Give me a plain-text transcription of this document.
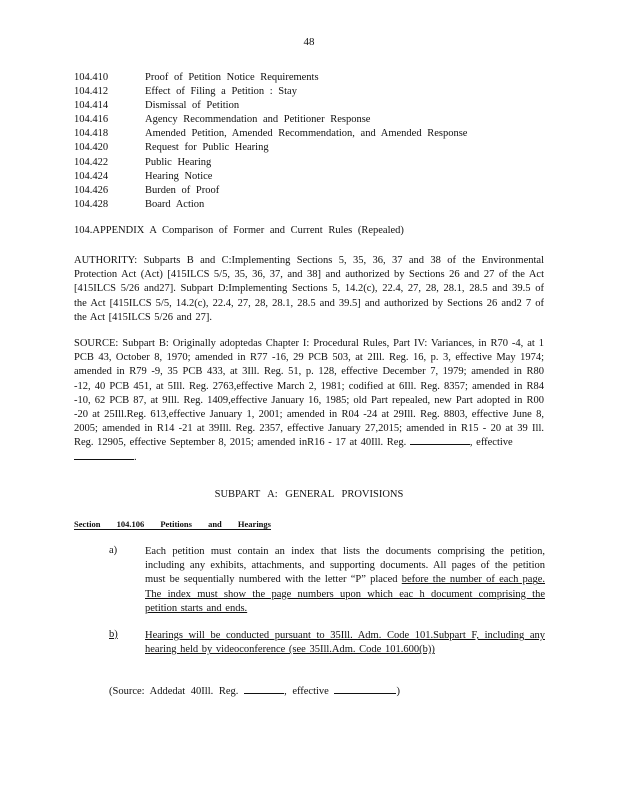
48
104.410	Proof of Petition Notice Requirements
104.412	Effect of Filing a Petition : Stay
104.414	Dismissal of Petition
104.416	Agency Recommendation and Petitioner Response
104.418	Amended Petition, Amended Recommendation, and Amended Response
104.420	Request for Public Hearing
104.422	Public Hearing
104.424	Hearing Notice
104.426	Burden of Proof
104.428	Board Action
104.APPENDIX A Comparison of Former and Current Rules (Repealed)
AUTHORITY: Subparts B and C:Implementing Sections 5, 35, 36, 37 and 38 of the Environmental Protection Act (Act) [415ILCS 5/5, 35, 36, 37, and 38] and authorized by Sections 26 and 27 of the Act [415ILCS 5/26 and27]. Subpart D:Implementing Sections 5, 14.2(c), 22.4, 27, 28, 28.1, 28.5 and 39.5 of the Act [415ILCS 5/5, 14.2(c), 22.4, 27, 28, 28.1, 28.5 and 39.5] and authorized by Sections 26 and2 7 of the Act [415ILCS 5/26 and 27].
SOURCE: Subpart B: Originally adoptedas Chapter I: Procedural Rules, Part IV: Variances, in R70 -4, at 1 PCB 43, October 8, 1970; amended in R77 -16, 29 PCB 503, at 2Ill. Reg. 16, p. 3, effective May 1974; amended in R79 -9, 35 PCB 433, at 3Ill. Reg. 51, p. 128, effective December 7, 1979; amended in R80 -12, 40 PCB 451, at 5Ill. Reg. 2763,effective March 2, 1981; codified at 6Ill. Reg. 8357; amended in R84 -10, 62 PCB 87, at 9Ill. Reg. 1409,effective January 16, 1985; old Part repealed, new Part adopted in R00 -20 at 25Ill.Reg. 613,effective January 1, 2001; amended in R04 -24 at 29Ill. Reg. 8803, effective June 8, 2005; amended in R14 -21 at 39Ill. Reg. 2357, effective January 27,2015; amended in R15 - 20 at 39 Ill. Reg. 12905, effective September 8, 2015; amended inR16 - 17 at 40Ill. Reg.	, effective
.
SUBPART A: GENERAL PROVISIONS
Section 104.106 Petitions and Hearings
a)	Each petition must contain an index that lists the documents comprising the petition, including any exhibits, attachments, and supporting documents. All pages of the petition must be sequentially numbered with the letter “P” placed before the number of each page. The index must show the page numbers upon which eac h document comprising the petition starts and ends.
b)	Hearings will be conducted pursuant to 35Ill. Adm. Code 101.Subpart F, including any hearing held by videoconference (see 35Ill.Adm. Code 101.600(b))
(Source: Addedat 40Ill. Reg.	, effective	)
